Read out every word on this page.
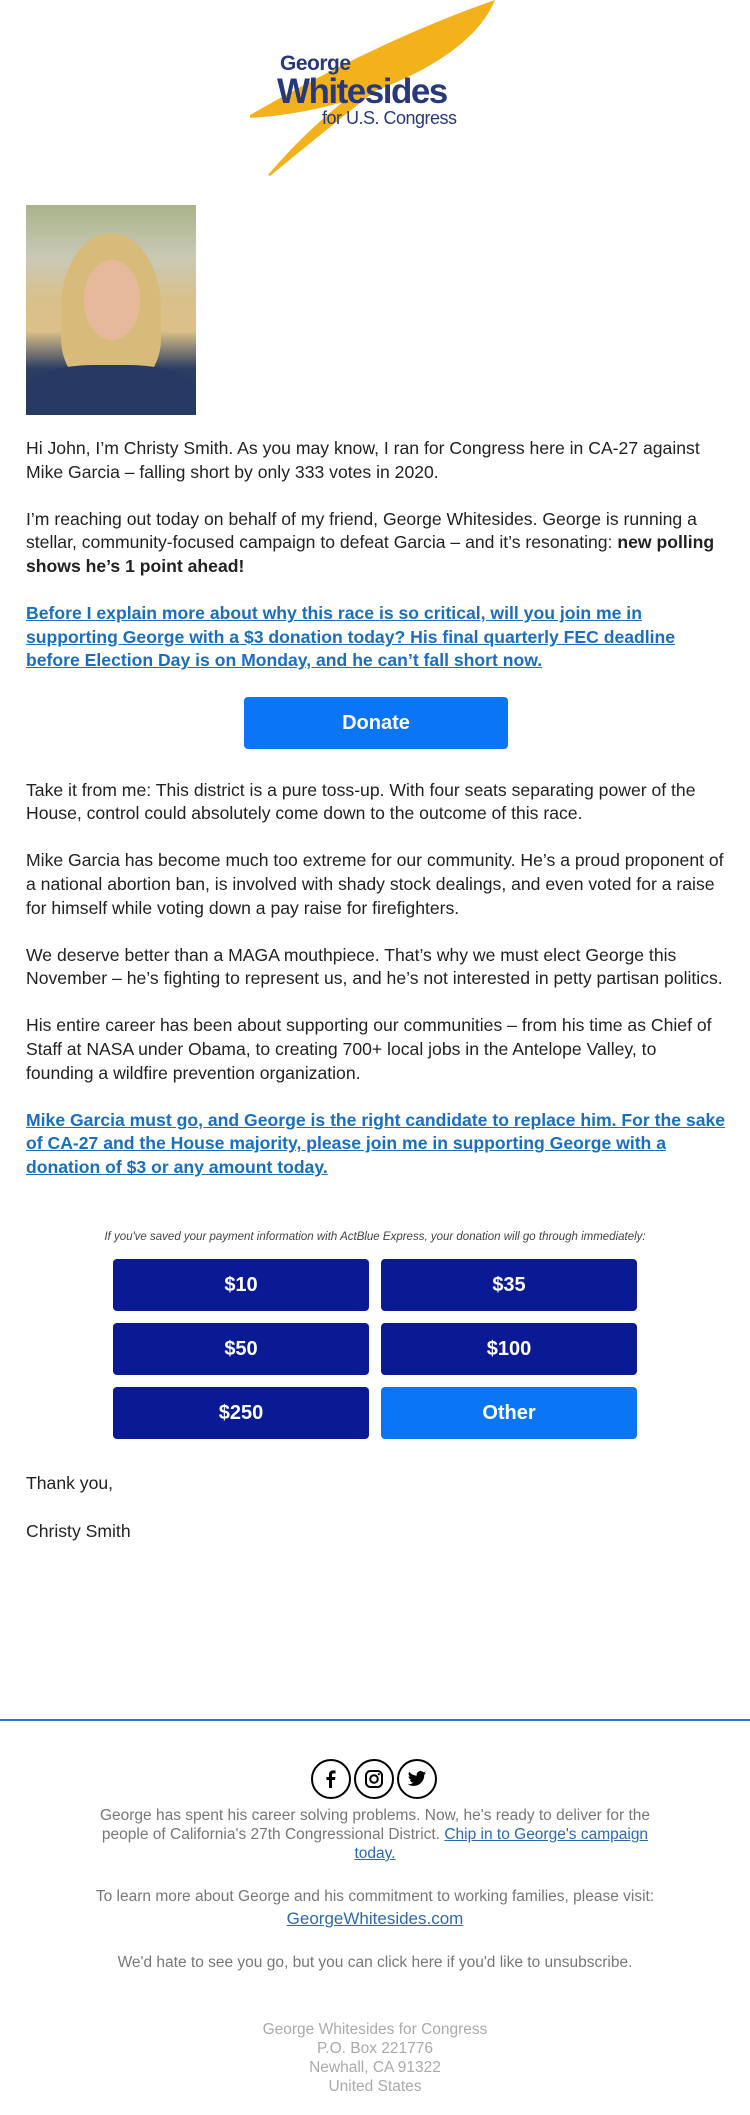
George
Whitesides
for U.S. Congress

Hi John, I’m Christy Smith. As you may know, I ran for Congress here in CA-27 against Mike Garcia – falling short by only 333 votes in 2020.

I’m reaching out today on behalf of my friend, George Whitesides. George is running a stellar, community-focused campaign to defeat Garcia – and it’s resonating: new polling shows he’s 1 point ahead!

Before I explain more about why this race is so critical, will you join me in supporting George with a $3 donation today? His final quarterly FEC deadline before Election Day is on Monday, and he can’t fall short now.

Donate

Take it from me: This district is a pure toss-up. With four seats separating power of the House, control could absolutely come down to the outcome of this race.

Mike Garcia has become much too extreme for our community. He’s a proud proponent of a national abortion ban, is involved with shady stock dealings, and even voted for a raise for himself while voting down a pay raise for firefighters.

We deserve better than a MAGA mouthpiece. That’s why we must elect George this November – he’s fighting to represent us, and he’s not interested in petty partisan politics.

His entire career has been about supporting our communities – from his time as Chief of Staff at NASA under Obama, to creating 700+ local jobs in the Antelope Valley, to founding a wildfire prevention organization.

Mike Garcia must go, and George is the right candidate to replace him. For the sake of CA-27 and the House majority, please join me in supporting George with a donation of $3 or any amount today.

If you've saved your payment information with ActBlue Express, your donation will go through immediately:
$10	$35
$50	$100
$250	Other
Thank you,
Christy Smith
George has spent his career solving problems. Now, he's ready to deliver for the people of California's 27th Congressional District. Chip in to George's campaign today.
To learn more about George and his commitment to working families, please visit:
GeorgeWhitesides.com
We'd hate to see you go, but you can click here if you'd like to unsubscribe.
George Whitesides for Congress
P.O. Box 221776
Newhall, CA 91322
United States
